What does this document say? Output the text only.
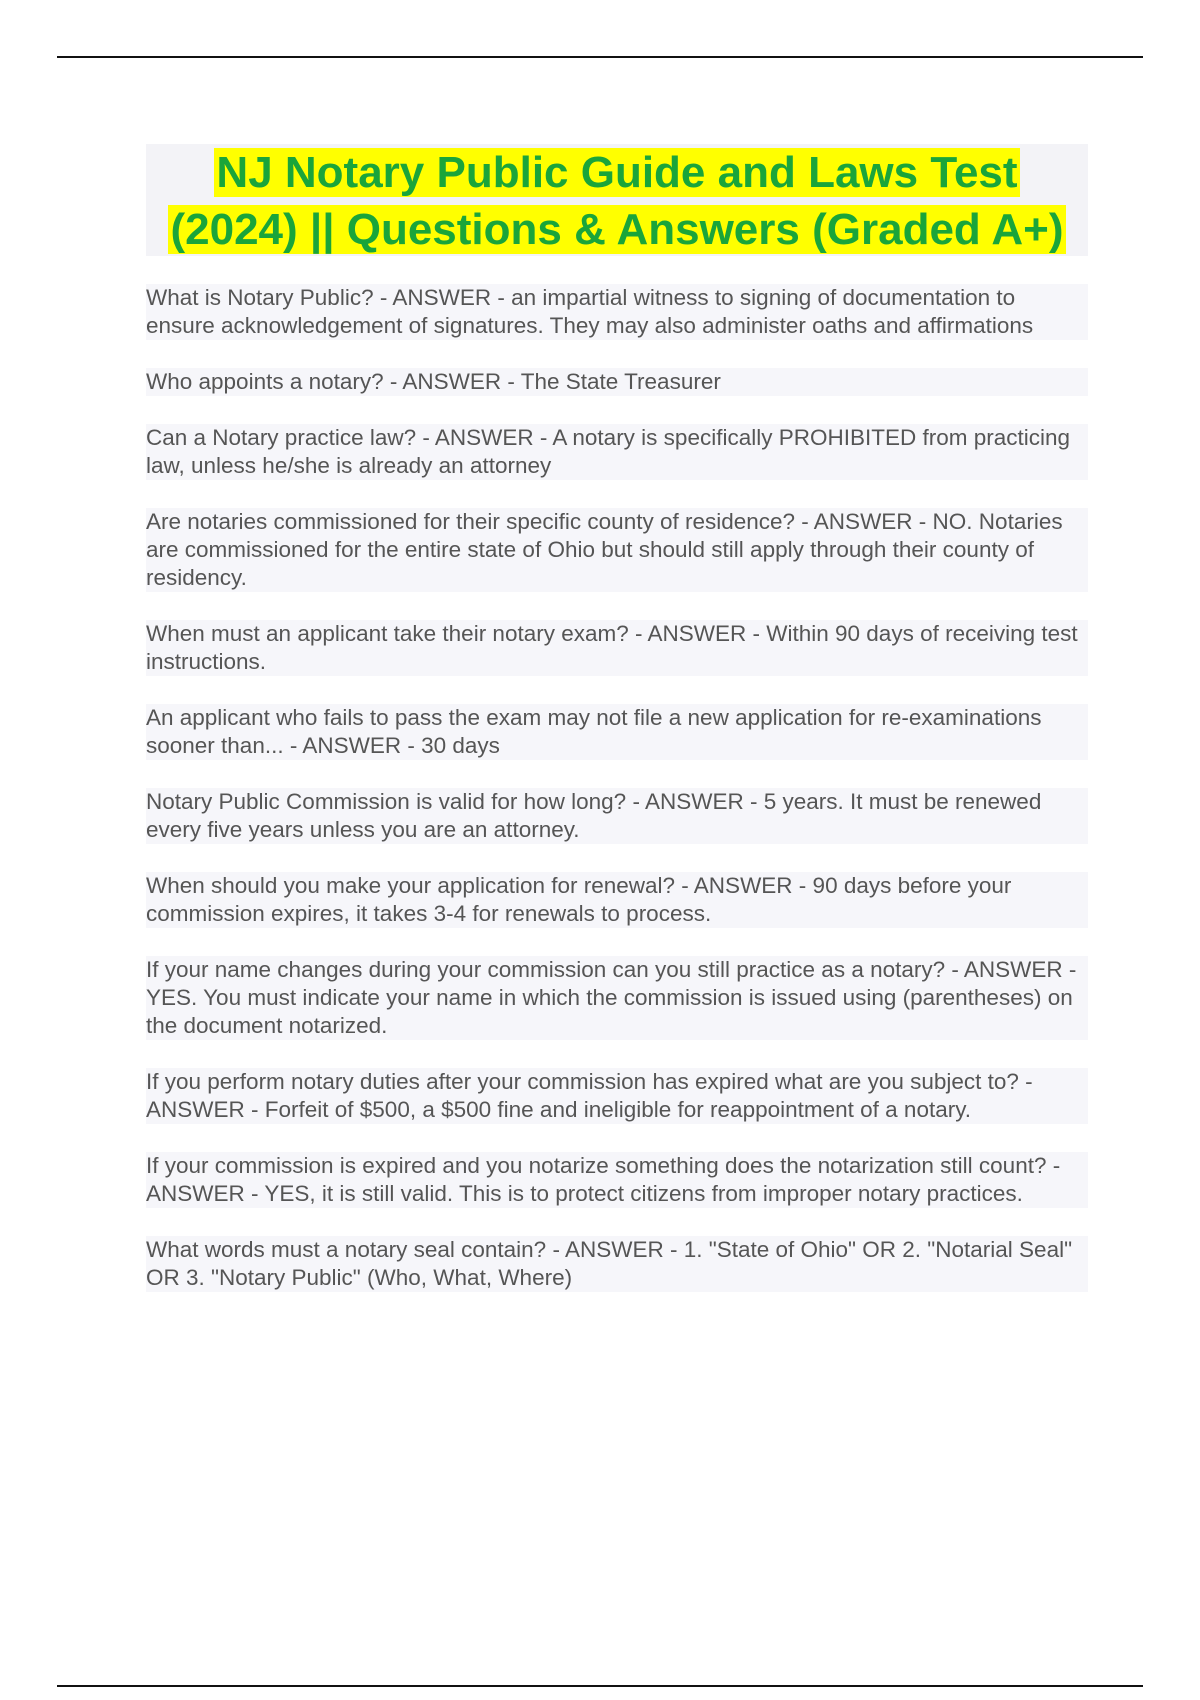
NJ Notary Public Guide and Laws Test
(2024) || Questions & Answers (Graded A+)
What is Notary Public? - ANSWER - an impartial witness to signing of documentation to ensure acknowledgement of signatures. They may also administer oaths and affirmations
Who appoints a notary? - ANSWER - The State Treasurer
Can a Notary practice law? - ANSWER - A notary is specifically PROHIBITED from practicing law, unless he/she is already an attorney
Are notaries commissioned for their specific county of residence? - ANSWER - NO. Notaries are commissioned for the entire state of Ohio but should still apply through their county of residency.
When must an applicant take their notary exam? - ANSWER - Within 90 days of receiving test instructions.
An applicant who fails to pass the exam may not file a new application for re-examinations sooner than... - ANSWER - 30 days
Notary Public Commission is valid for how long? - ANSWER - 5 years. It must be renewed every five years unless you are an attorney.
When should you make your application for renewal? - ANSWER - 90 days before your commission expires, it takes 3-4 for renewals to process.
If your name changes during your commission can you still practice as a notary? - ANSWER - YES. You must indicate your name in which the commission is issued using (parentheses) on the document notarized.
If you perform notary duties after your commission has expired what are you subject to? - ANSWER - Forfeit of $500, a $500 fine and ineligible for reappointment of a notary.
If your commission is expired and you notarize something does the notarization still count? - ANSWER - YES, it is still valid. This is to protect citizens from improper notary practices.
What words must a notary seal contain? - ANSWER - 1. "State of Ohio" OR 2. "Notarial Seal" OR 3. "Notary Public" (Who, What, Where)
